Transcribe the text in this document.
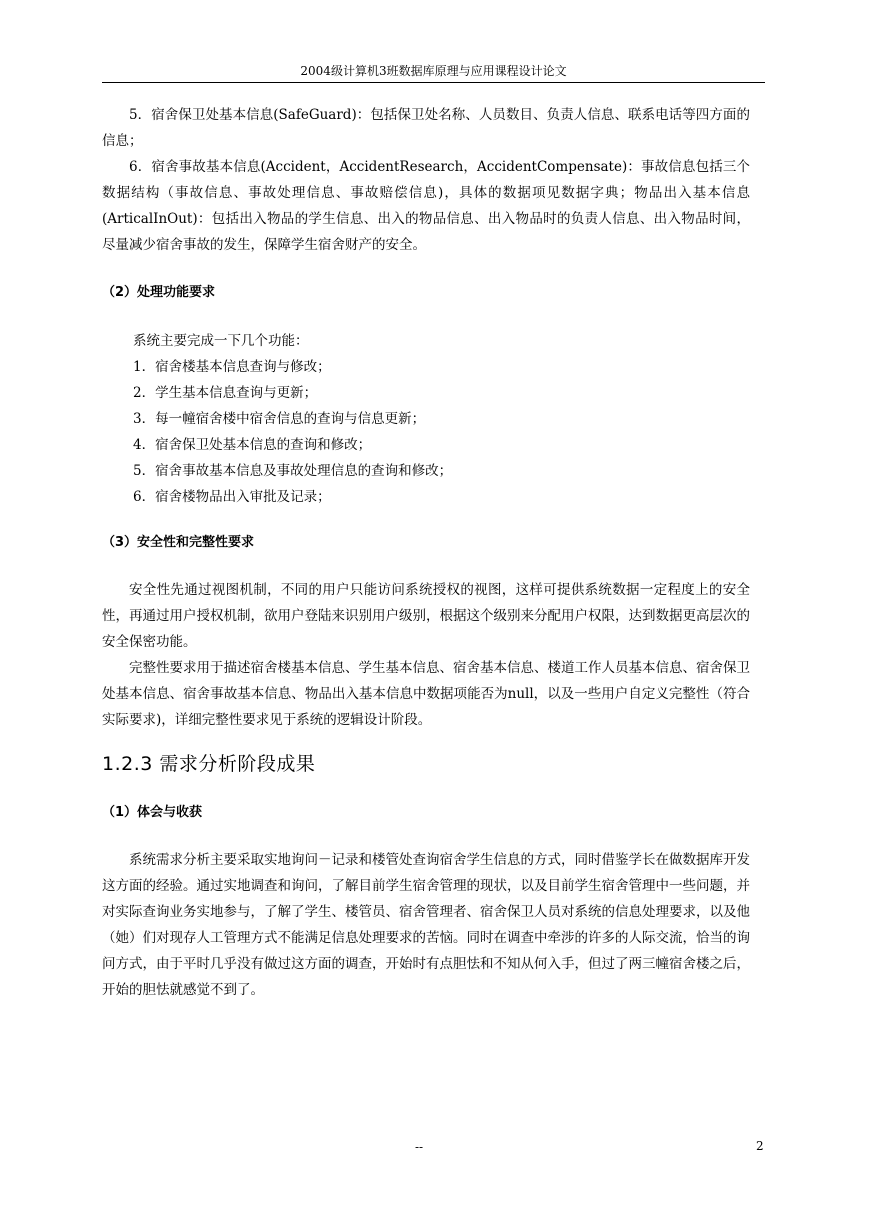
2004级计算机3班数据库原理与应用课程设计论文

5．宿舍保卫处基本信息(SafeGuard)：包括保卫处名称、人员数目、负责人信息、联系电话等四方面的信息；

6．宿舍事故基本信息(Accident，AccidentResearch，AccidentCompensate)：事故信息包括三个数据结构（事故信息、事故处理信息、事故赔偿信息)，具体的数据项见数据字典；物品出入基本信息(ArticalInOut)：包括出入物品的学生信息、出入的物品信息、出入物品时的负责人信息、出入物品时间，尽量减少宿舍事故的发生，保障学生宿舍财产的安全。

（2）处理功能要求

系统主要完成一下几个功能：

1．宿舍楼基本信息查询与修改；

2．学生基本信息查询与更新；

3．每一幢宿舍楼中宿舍信息的查询与信息更新；

4．宿舍保卫处基本信息的查询和修改；

5．宿舍事故基本信息及事故处理信息的查询和修改；

6．宿舍楼物品出入审批及记录；

（3）安全性和完整性要求

安全性先通过视图机制，不同的用户只能访问系统授权的视图，这样可提供系统数据一定程度上的安全性，再通过用户授权机制，欲用户登陆来识别用户级别，根据这个级别来分配用户权限，达到数据更高层次的安全保密功能。

完整性要求用于描述宿舍楼基本信息、学生基本信息、宿舍基本信息、楼道工作人员基本信息、宿舍保卫处基本信息、宿舍事故基本信息、物品出入基本信息中数据项能否为null，以及一些用户自定义完整性（符合实际要求)，详细完整性要求见于系统的逻辑设计阶段。

1.2.3 需求分析阶段成果

（1）体会与收获

系统需求分析主要采取实地询问－记录和楼管处查询宿舍学生信息的方式，同时借鉴学长在做数据库开发这方面的经验。通过实地调查和询问，了解目前学生宿舍管理的现状，以及目前学生宿舍管理中一些问题，并对实际查询业务实地参与，了解了学生、楼管员、宿舍管理者、宿舍保卫人员对系统的信息处理要求，以及他（她）们对现存人工管理方式不能满足信息处理要求的苦恼。同时在调查中牵涉的许多的人际交流，恰当的询问方式，由于平时几乎没有做过这方面的调查，开始时有点胆怯和不知从何入手，但过了两三幢宿舍楼之后，开始的胆怯就感觉不到了。

--	2
